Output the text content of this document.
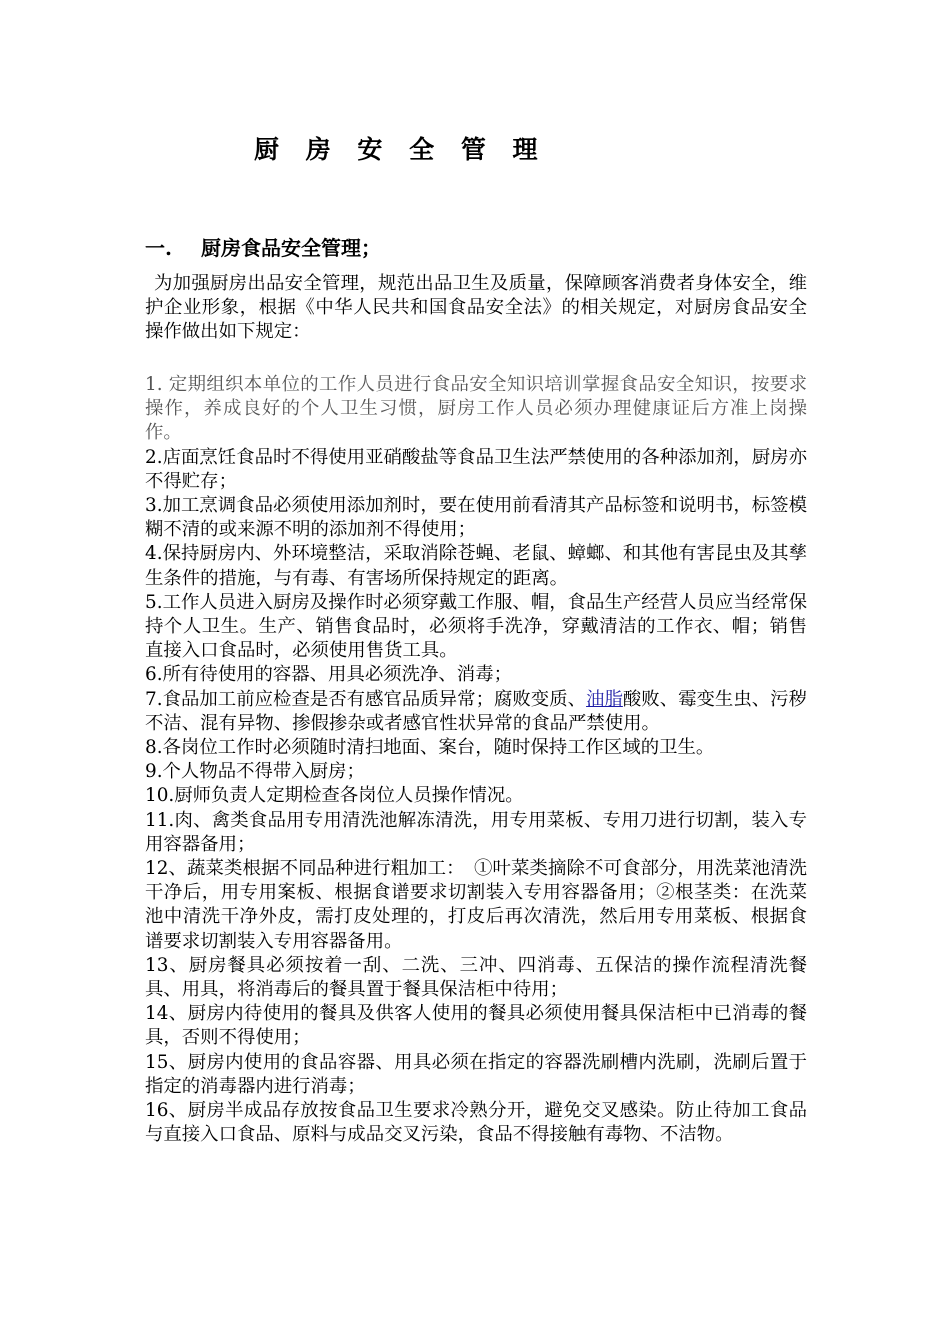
厨 房 安 全 管 理
一. 厨房食品安全管理；

为加强厨房出品安全管理，规范出品卫生及质量，保障顾客消费者身体安全，维护企业形象，根据《中华人民共和国食品安全法》的相关规定，对厨房食品安全操作做出如下规定：

1. 定期组织本单位的工作人员进行食品安全知识培训掌握食品安全知识，按要求操作，养成良好的个人卫生习惯，厨房工作人员必须办理健康证后方准上岗操作。

2.店面烹饪食品时不得使用亚硝酸盐等食品卫生法严禁使用的各种添加剂，厨房亦不得贮存；

3.加工烹调食品必须使用添加剂时，要在使用前看清其产品标签和说明书，标签模糊不清的或来源不明的添加剂不得使用；

4.保持厨房内、外环境整洁，采取消除苍蝇、老鼠、蟑螂、和其他有害昆虫及其孳生条件的措施，与有毒、有害场所保持规定的距离。

5.工作人员进入厨房及操作时必须穿戴工作服、帽，食品生产经营人员应当经常保持个人卫生。生产、销售食品时，必须将手洗净，穿戴清洁的工作衣、帽；销售直接入口食品时，必须使用售货工具。

6.所有待使用的容器、用具必须洗净、消毒；

7.食品加工前应检查是否有感官品质异常；腐败变质、油脂酸败、霉变生虫、污秽不洁、混有异物、掺假掺杂或者感官性状异常的食品严禁使用。

8.各岗位工作时必须随时清扫地面、案台，随时保持工作区域的卫生。

9.个人物品不得带入厨房；

10.厨师负责人定期检查各岗位人员操作情况。

11.肉、禽类食品用专用清洗池解冻清洗，用专用菜板、专用刀进行切割，装入专用容器备用；

12、蔬菜类根据不同品种进行粗加工：　①叶菜类摘除不可食部分，用洗菜池清洗干净后，用专用案板、根据食谱要求切割装入专用容器备用；②根茎类：在洗菜池中清洗干净外皮，需打皮处理的，打皮后再次清洗，然后用专用菜板、根据食谱要求切割装入专用容器备用。

13、厨房餐具必须按着一刮、二洗、三冲、四消毒、五保洁的操作流程清洗餐具、用具，将消毒后的餐具置于餐具保洁柜中待用；

14、厨房内待使用的餐具及供客人使用的餐具必须使用餐具保洁柜中已消毒的餐具，否则不得使用；

15、厨房内使用的食品容器、用具必须在指定的容器洗刷槽内洗刷，洗刷后置于指定的消毒器内进行消毒；

16、厨房半成品存放按食品卫生要求冷熟分开，避免交叉感染。防止待加工食品与直接入口食品、原料与成品交叉污染，食品不得接触有毒物、不洁物。
